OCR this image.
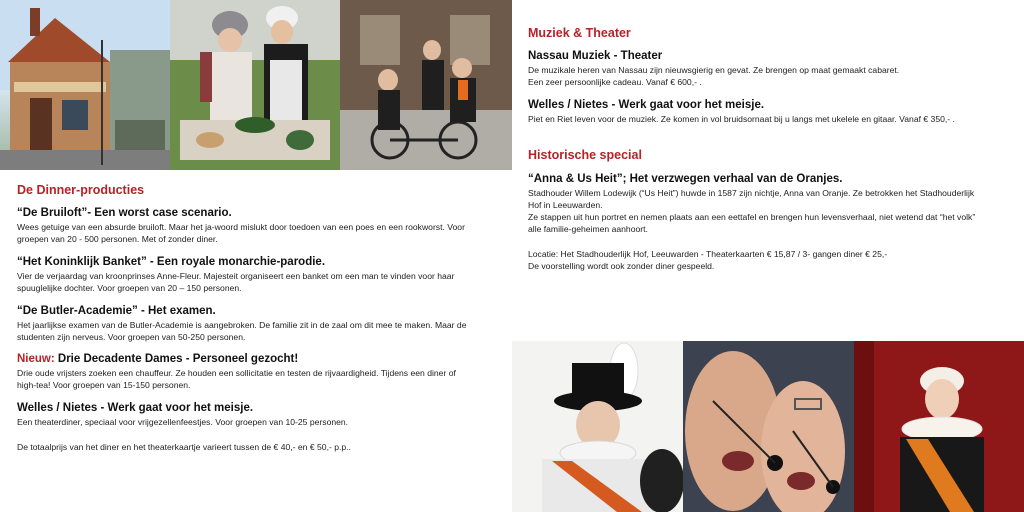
De Dinner-producties
“De Bruiloft”- Een worst case scenario.

Wees getuige van een absurde bruiloft. Maar het ja-woord mislukt door toedoen van een poes en een rookworst. Voor

groepen van 20 - 500 personen. Met of zonder diner.

“Het Koninklijk Banket” - Een royale monarchie-parodie.

Vier de verjaardag van kroonprinses Anne-Fleur. Majesteit organiseert een banket om een man te vinden voor haar

spuuglelijke dochter. Voor groepen van 20 – 150 personen.

“De Butler-Academie” - Het examen.

Het jaarlijkse examen van de Butler-Academie is aangebroken. De familie zit in de zaal om dit mee te maken. Maar de

studenten zijn nerveus. Voor groepen van 50-250 personen.

Nieuw: Drie Decadente Dames - Personeel gezocht!

Drie oude vrijsters zoeken een chauffeur. Ze houden een sollicitatie en testen de rijvaardigheid. Tijdens een diner of

high-tea! Voor groepen van 15-150 personen.

Welles / Nietes - Werk gaat voor het meisje.

Een theaterdiner, speciaal voor vrijgezellenfeestjes. Voor groepen van 10-25 personen.

De totaalprijs van het diner en het theaterkaartje varieert tussen de € 40,- en € 50,- p.p..
Muziek & Theater
Nassau Muziek - Theater

De muzikale heren van Nassau zijn nieuwsgierig en gevat. Ze brengen op maat gemaakt cabaret.

Een zeer persoonlijke cadeau. Vanaf € 600,- .

Welles / Nietes - Werk gaat voor het meisje.

Piet en Riet leven voor de muziek. Ze komen in vol bruidsornaat bij u langs met ukelele en gitaar. Vanaf € 350,- .

Historische special
“Anna & Us Heit”; Het verzwegen verhaal van de Oranjes.

Stadhouder Willem Lodewijk (“Us Heit”) huwde in 1587 zijn nichtje, Anna van Oranje. Ze betrokken het Stadhouderlijk

Hof in Leeuwarden.

Ze stappen uit hun portret en nemen plaats aan een eettafel en brengen hun levensverhaal, niet wetend dat “het volk”

alle familie-geheimen aanhoort.

Locatie: Het Stadhouderlijk Hof, Leeuwarden - Theaterkaarten € 15,87 / 3- gangen diner € 25,-

De voorstelling wordt ook zonder diner gespeeld.
